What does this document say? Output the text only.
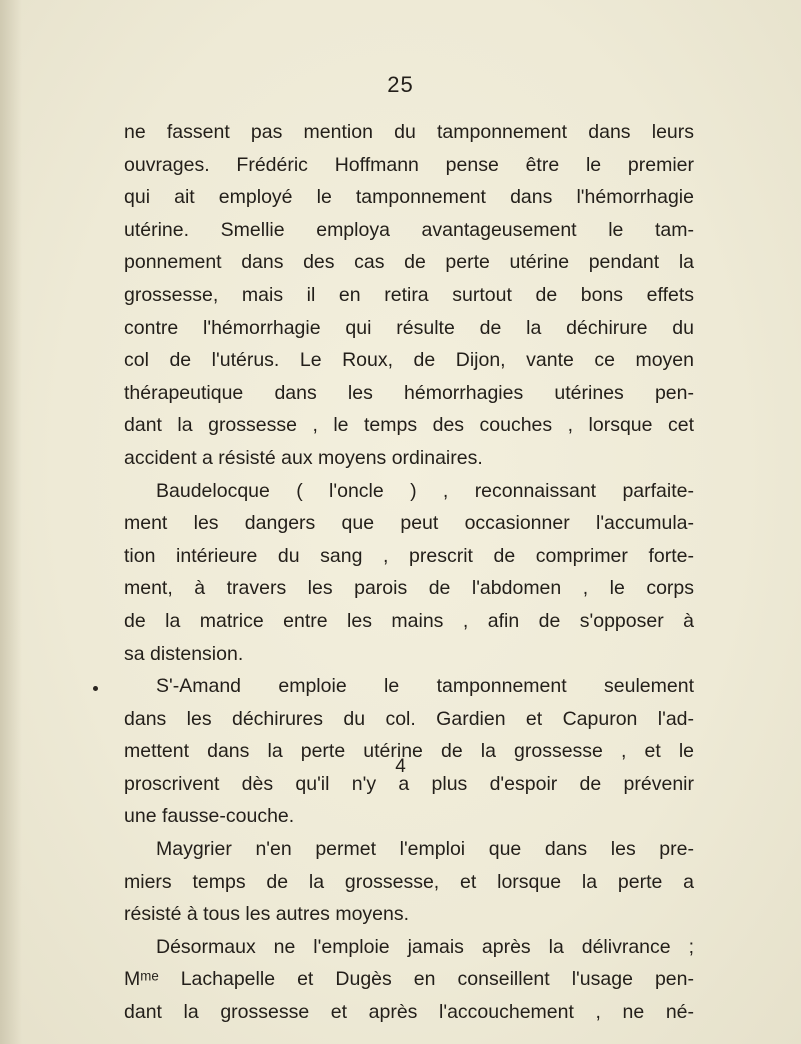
25
ne fassent pas mention du tamponnement dans leurs
ouvrages. Frédéric Hoffmann pense être le premier
qui ait employé le tamponnement dans l'hémorrhagie
utérine. Smellie employa avantageusement le tam-
ponnement dans des cas de perte utérine pendant la
grossesse, mais il en retira surtout de bons effets
contre l'hémorrhagie qui résulte de la déchirure du
col de l'utérus. Le Roux, de Dijon, vante ce moyen
thérapeutique dans les hémorrhagies utérines pen-
dant la grossesse , le temps des couches , lorsque cet
accident a résisté aux moyens ordinaires.
Baudelocque ( l'oncle ) , reconnaissant parfaite-
ment les dangers que peut occasionner l'accumula-
tion intérieure du sang , prescrit de comprimer forte-
ment, à travers les parois de l'abdomen , le corps
de la matrice entre les mains , afin de s'opposer à
sa distension.
S'-Amand emploie le tamponnement seulement
dans les déchirures du col. Gardien et Capuron l'ad-
mettent dans la perte utérine de la grossesse , et le
proscrivent dès qu'il n'y a plus d'espoir de prévenir
une fausse-couche.
Maygrier n'en permet l'emploi que dans les pre-
miers temps de la grossesse, et lorsque la perte a
résisté à tous les autres moyens.
Désormaux ne l'emploie jamais après la délivrance ;
Mᵐᵉ Lachapelle et Dugès en conseillent l'usage pen-
dant la grossesse et après l'accouchement , ne né-
4
